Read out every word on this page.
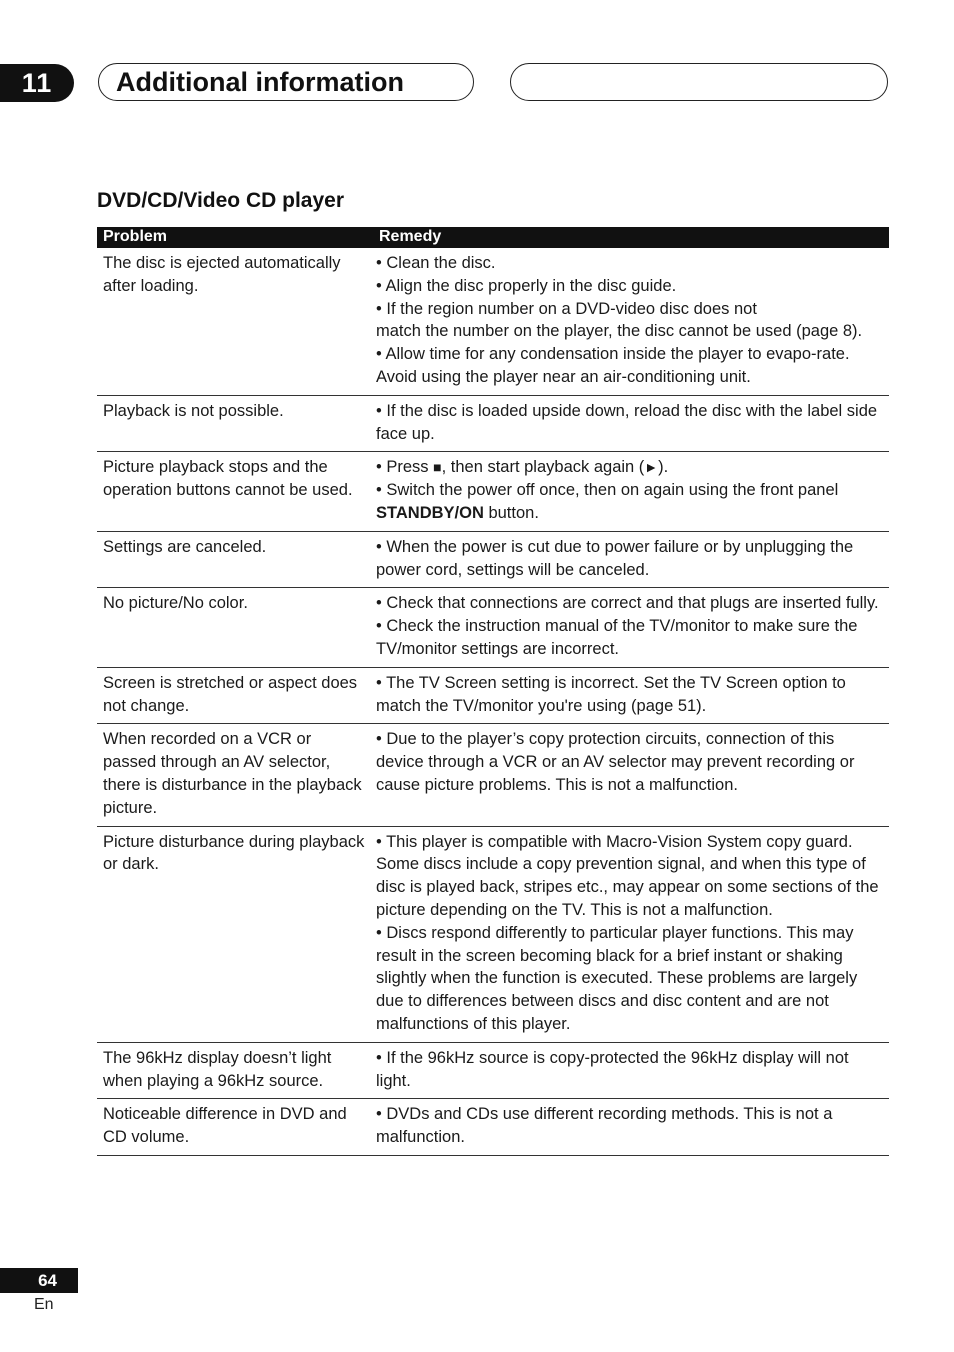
11	Additional information
DVD/CD/Video CD player
Problem	Remedy
The disc is ejected automatically after loading.	• Clean the disc.
• Align the disc properly in the disc guide.
• If the region number on a DVD-video disc does not
match the number on the player, the disc cannot be used (page 8).
• Allow time for any condensation inside the player to evapo-rate. Avoid using the player near an air-conditioning unit.

Playback is not possible.	• If the disc is loaded upside down, reload the disc with the label side face up.

Picture playback stops and the operation buttons cannot be used.	• Press ■, then start playback again (►).
• Switch the power off once, then on again using the front panel STANDBY/ON button.

Settings are canceled.	• When the power is cut due to power failure or by unplugging the power cord, settings will be canceled.

No picture/No color.	• Check that connections are correct and that plugs are inserted fully.
• Check the instruction manual of the TV/monitor to make sure the TV/monitor settings are incorrect.

Screen is stretched or aspect does not change.	• The TV Screen setting is incorrect. Set the TV Screen option to match the TV/monitor you're using (page 51).

When recorded on a VCR or passed through an AV selector, there is disturbance in the playback picture.	• Due to the player’s copy protection circuits, connection of this device through a VCR or an AV selector may prevent recording or cause picture problems. This is not a malfunction.

Picture disturbance during playback or dark.	• This player is compatible with Macro-Vision System copy guard. Some discs include a copy prevention signal, and when this type of disc is played back, stripes etc., may appear on some sections of the picture depending on the TV. This is not a malfunction.
• Discs respond differently to particular player functions. This may result in the screen becoming black for a brief instant or shaking slightly when the function is executed. These problems are largely due to differences between discs and disc content and are not malfunctions of this player.

The 96kHz display doesn’t light when playing a 96kHz source.	• If the 96kHz source is copy-protected the 96kHz display will not light.

Noticeable difference in DVD and CD volume.	• DVDs and CDs use different recording methods. This is not a malfunction.
64
En
